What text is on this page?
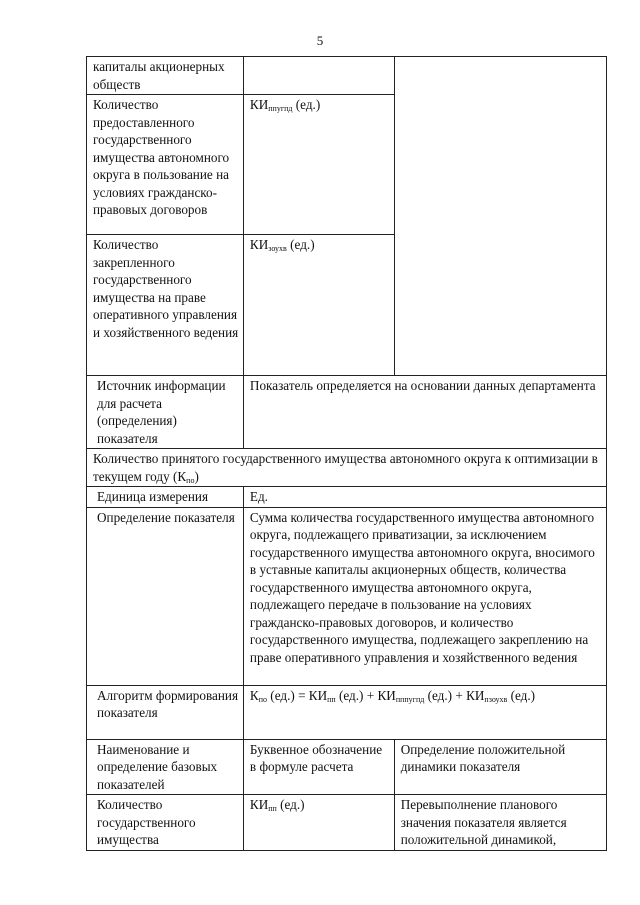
5
капиталы акционерных обществ		
Количество предоставленного государственного имущества автономного округа в пользование на условиях гражданско-правовых договоров	$КИ_{ппугпд}$ (ед.)	
Количество закрепленного государственного имущества на праве оперативного управления и хозяйственного ведения	$КИ_{зоухв}$ (ед.)	
Источник информации для расчета (определения) показателя	Показатель определяется на основании данных департамента	
Количество принятого государственного имущества автономного округа к оптимизации в текущем году $(К_{по})$		
Единица измерения	Ед.	
Определение показателя	Сумма количества государственного имущества автономного округа, подлежащего приватизации, за исключением государственного имущества автономного округа, вносимого в уставные капиталы акционерных обществ, количества государственного имущества автономного округа, подлежащего передаче в пользование на условиях гражданско-правовых договоров, и количество государственного имущества, подлежащего закреплению на праве оперативного управления и хозяйственного ведения	
Алгоритм формирования показателя	$К_{по}$ $(ед.) = КИ_{пп}$ $(ед.) + КИ_{пппугпд}$ $(ед.) + КИ_{пзоухв}$ (ед.)	
Наименование и определение базовых показателей	Буквенное обозначение в формуле расчета	Определение положительной динамики показателя
Количество государственного имущества	$КИ_{пп}$ (ед.)	Перевыполнение планового значения показателя является положительной динамикой,
